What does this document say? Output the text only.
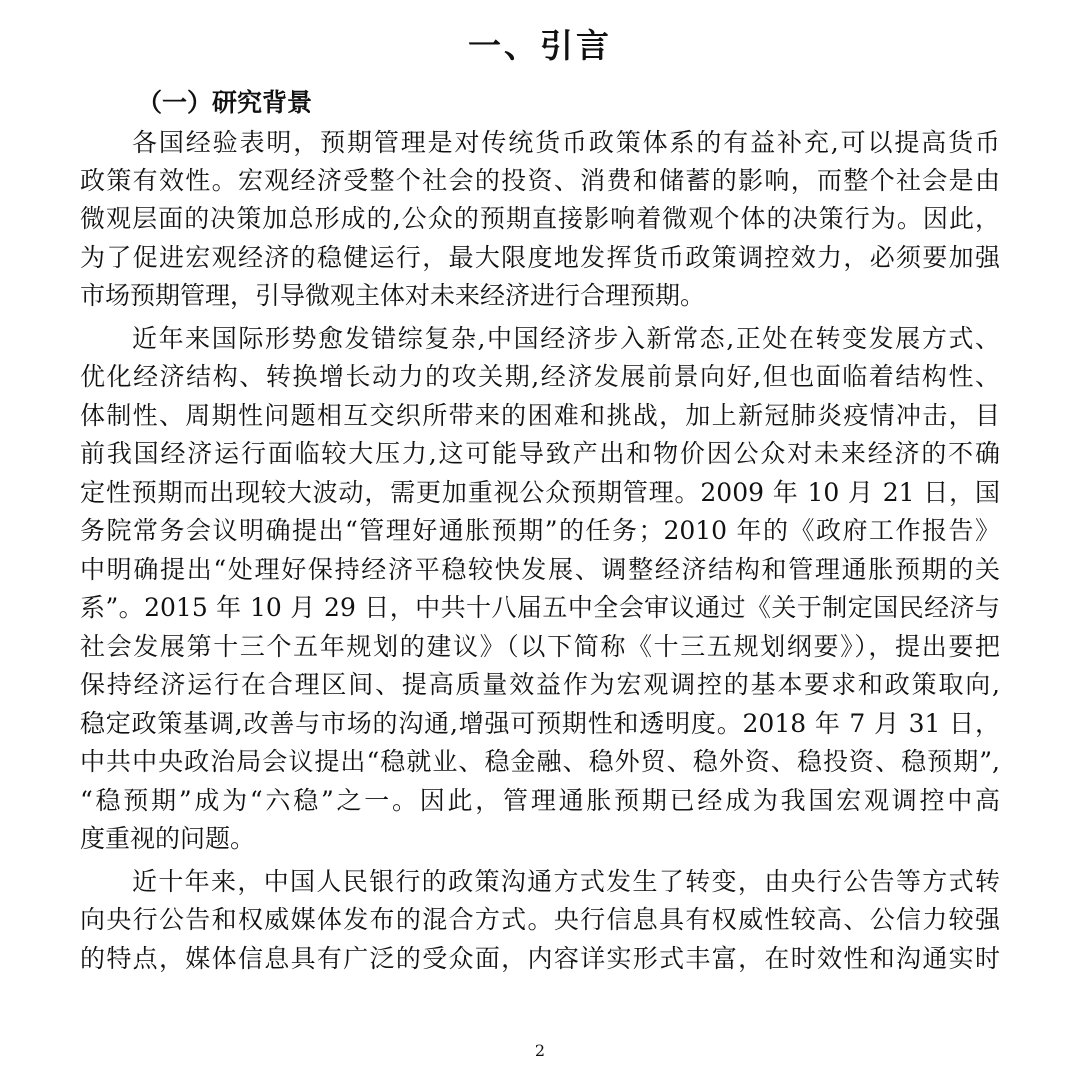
一、引言
（一）研究背景
各国经验表明，预期管理是对传统货币政策体系的有益补充,可以提高货币
政策有效性。宏观经济受整个社会的投资、消费和储蓄的影响，而整个社会是由
微观层面的决策加总形成的,公众的预期直接影响着微观个体的决策行为。因此，
为了促进宏观经济的稳健运行，最大限度地发挥货币政策调控效力，必须要加强
市场预期管理，引导微观主体对未来经济进行合理预期。
近年来国际形势愈发错综复杂,中国经济步入新常态,正处在转变发展方式、
优化经济结构、转换增长动力的攻关期,经济发展前景向好,但也面临着结构性、
体制性、周期性问题相互交织所带来的困难和挑战，加上新冠肺炎疫情冲击，目
前我国经济运行面临较大压力,这可能导致产出和物价因公众对未来经济的不确
定性预期而出现较大波动，需更加重视公众预期管理。2009 年 10 月 21 日，国
务院常务会议明确提出“管理好通胀预期”的任务；2010 年的《政府工作报告》
中明确提出“处理好保持经济平稳较快发展、调整经济结构和管理通胀预期的关
系”。2015 年 10 月 29 日，中共十八届五中全会审议通过《关于制定国民经济与
社会发展第十三个五年规划的建议》（以下简称《十三五规划纲要》），提出要把
保持经济运行在合理区间、提高质量效益作为宏观调控的基本要求和政策取向,
稳定政策基调,改善与市场的沟通,增强可预期性和透明度。2018 年 7 月 31 日，
中共中央政治局会议提出“稳就业、稳金融、稳外贸、稳外资、稳投资、稳预期”,
“稳预期”成为“六稳”之一。因此，管理通胀预期已经成为我国宏观调控中高
度重视的问题。
近十年来，中国人民银行的政策沟通方式发生了转变，由央行公告等方式转
向央行公告和权威媒体发布的混合方式。央行信息具有权威性较高、公信力较强
的特点，媒体信息具有广泛的受众面，内容详实形式丰富，在时效性和沟通实时
2
